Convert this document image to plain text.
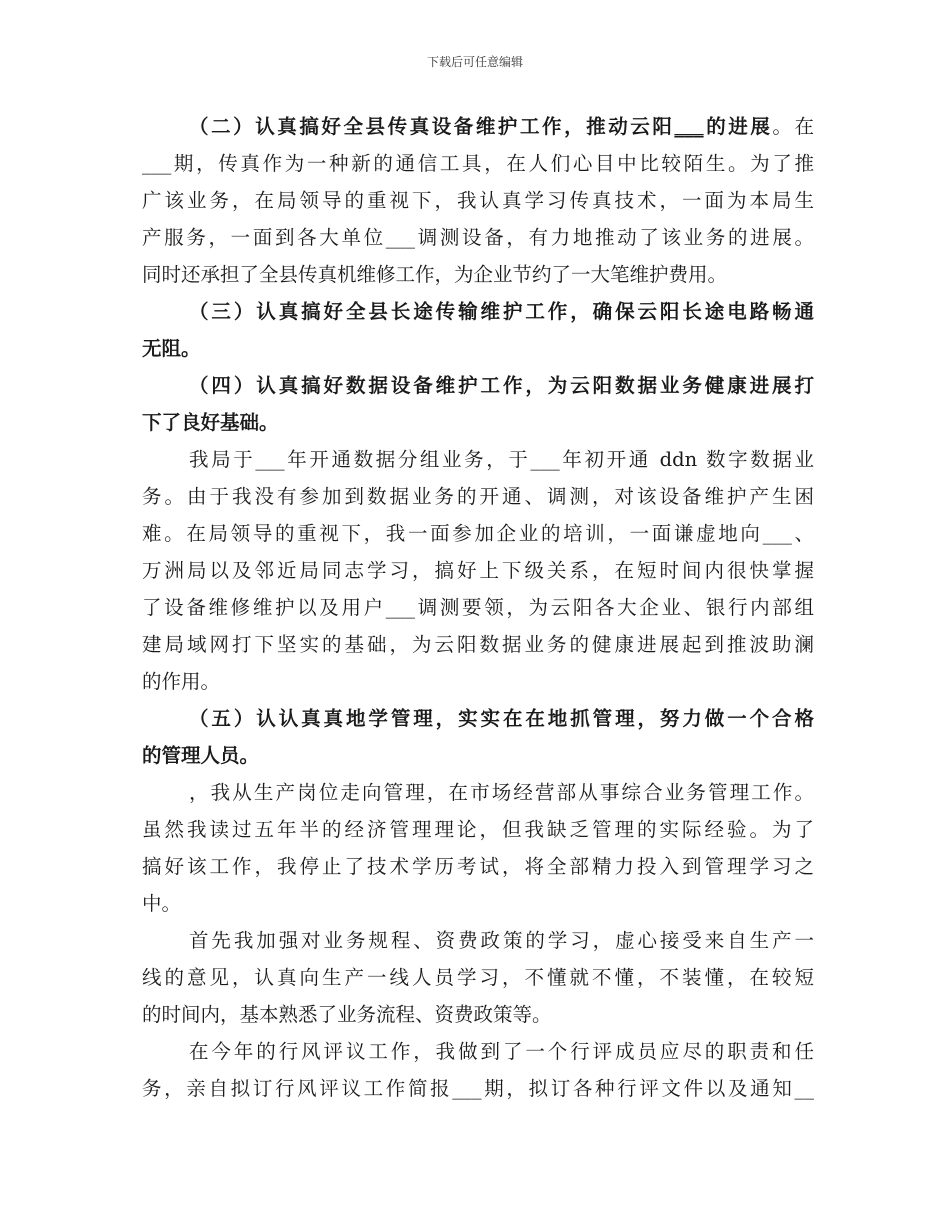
下载后可任意编辑
（二）认真搞好全县传真设备维护工作，推动云阳___的进展。在
___期，传真作为一种新的通信工具，在人们心目中比较陌生。为了推
广该业务，在局领导的重视下，我认真学习传真技术，一面为本局生
产服务，一面到各大单位___调测设备，有力地推动了该业务的进展。
同时还承担了全县传真机维修工作，为企业节约了一大笔维护费用。
（三）认真搞好全县长途传输维护工作，确保云阳长途电路畅通
无阻。
（四）认真搞好数据设备维护工作，为云阳数据业务健康进展打
下了良好基础。
我局于___年开通数据分组业务，于___年初开通 ddn 数字数据业
务。由于我没有参加到数据业务的开通、调测，对该设备维护产生困
难。在局领导的重视下，我一面参加企业的培训，一面谦虚地向___、
万洲局以及邻近局同志学习，搞好上下级关系，在短时间内很快掌握
了设备维修维护以及用户___调测要领，为云阳各大企业、银行内部组
建局域网打下坚实的基础，为云阳数据业务的健康进展起到推波助澜
的作用。
（五）认认真真地学管理，实实在在地抓管理，努力做一个合格
的管理人员。
，我从生产岗位走向管理，在市场经营部从事综合业务管理工作。
虽然我读过五年半的经济管理理论，但我缺乏管理的实际经验。为了
搞好该工作，我停止了技术学历考试，将全部精力投入到管理学习之
中。
首先我加强对业务规程、资费政策的学习，虚心接受来自生产一
线的意见，认真向生产一线人员学习，不懂就不懂，不装懂，在较短
的时间内，基本熟悉了业务流程、资费政策等。
在今年的行风评议工作，我做到了一个行评成员应尽的职责和任
务，亲自拟订行风评议工作简报___期，拟订各种行评文件以及通知__
